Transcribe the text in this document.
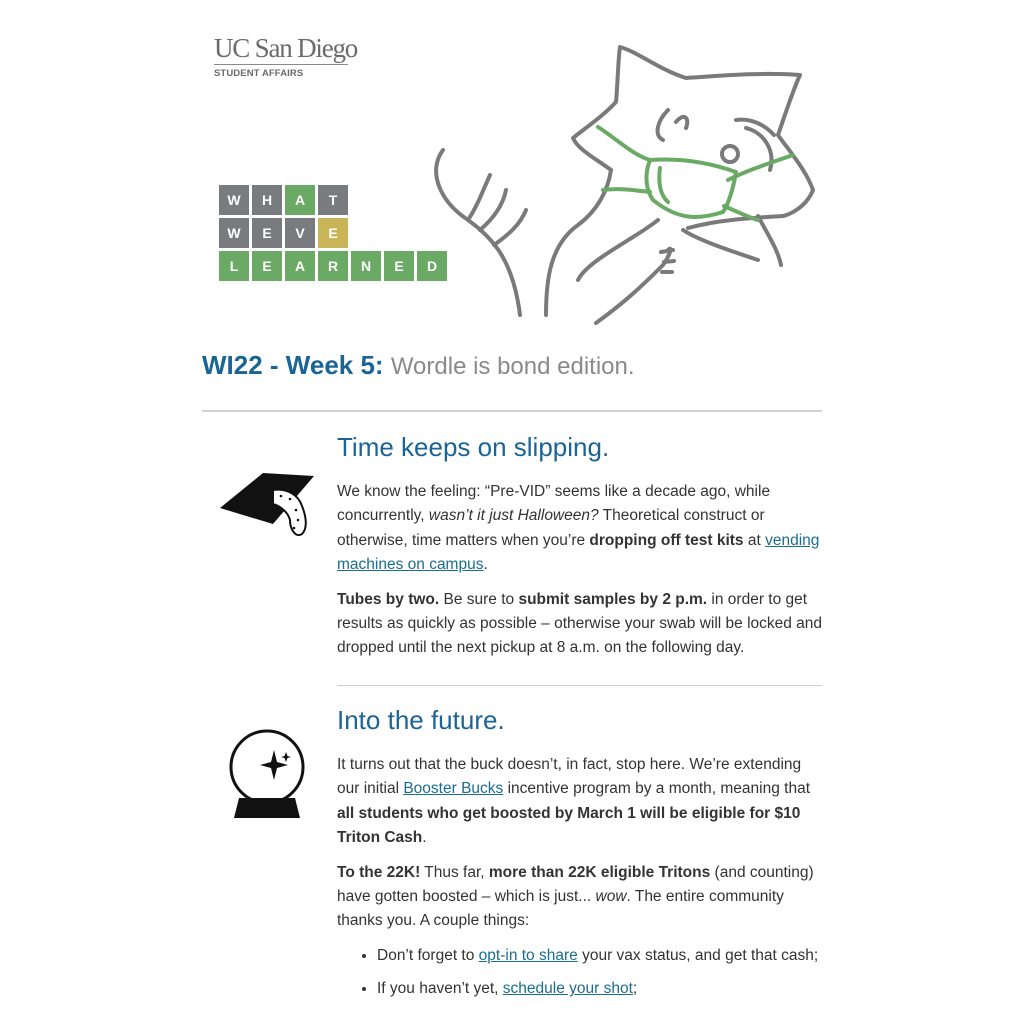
UC San Diego
STUDENT AFFAIRS
W	H	A	T
W	E	V	E
L	E	A	R	N	E	D
WI22 - Week 5: Wordle is bond edition.
Time keeps on slipping.

We know the feeling: “Pre-VID” seems like a decade ago, while concurrently, wasn’t it just Halloween? Theoretical construct or otherwise, time matters when you’re dropping off test kits at vending machines on campus.

Tubes by two. Be sure to submit samples by 2 p.m. in order to get results as quickly as possible – otherwise your swab will be locked and dropped until the next pickup at 8 a.m. on the following day.

Into the future.

It turns out that the buck doesn’t, in fact, stop here. We’re extending our initial Booster Bucks incentive program by a month, meaning that all students who get boosted by March 1 will be eligible for $10 Triton Cash.

To the 22K! Thus far, more than 22K eligible Tritons (and counting) have gotten boosted – which is just... wow. The entire community thanks you. A couple things:

• Don’t forget to opt-in to share your vax status, and get that cash;
• If you haven’t yet, schedule your shot;
